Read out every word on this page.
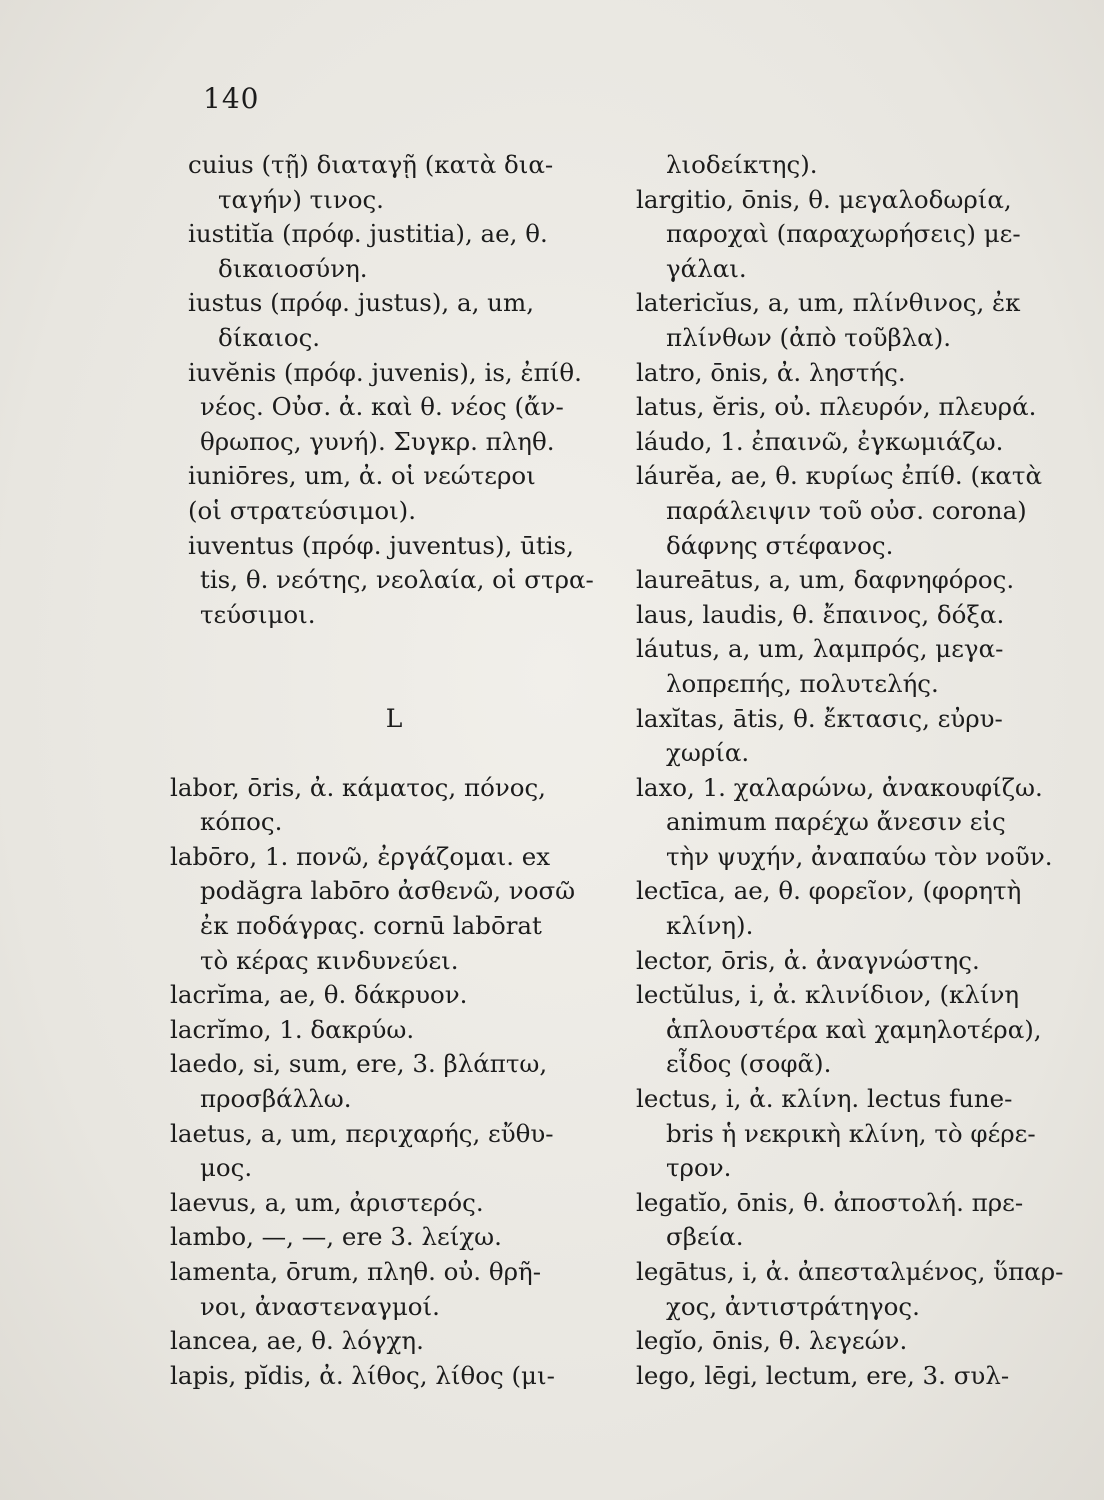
140
cuius (τῇ) διαταγῇ (κατὰ δια-
ταγήν) τινος.
iustitĭa (πρόφ. justitia), ae, θ.
δικαιοσύνη.
iustus (πρόφ. justus), a, um,
δίκαιος.
iuvĕnis (πρόφ. juvenis), is, ἐπίθ.
νέος. Οὐσ. ἀ. καὶ θ. νέος (ἄν-
θρωπος, γυνή). Συγκρ. πληθ.
iuniōres, um, ἀ. οἱ νεώτεροι
(οἱ στρατεύσιμοι).
iuventus (πρόφ. juventus), ūtis,
tis, θ. νεότης, νεολαία, οἱ στρα-
τεύσιμοι.
L
labor, ōris, ἀ. κάματος, πόνος,
κόπος.
labōro, 1. πονῶ, ἐργάζομαι. ex
podăgra labōro ἀσθενῶ, νοσῶ
ἐκ ποδάγρας. cornū labōrat
τὸ κέρας κινδυνεύει.
lacrĭma, ae, θ. δάκρυον.
lacrĭmo, 1. δακρύω.
laedo, si, sum, ere, 3. βλάπτω,
προσβάλλω.
laetus, a, um, περιχαρής, εὔθυ-
μος.
laevus, a, um, ἀριστερός.
lambo, —, —, ere 3. λείχω.
lamenta, ōrum, πληθ. οὐ. θρῆ-
νοι, ἀναστεναγμοί.
lancea, ae, θ. λόγχη.
lapis, pĭdis, ἀ. λίθος, λίθος (μι-
λιοδείκτης).
largitio, ōnis, θ. μεγαλοδωρία,
παροχαὶ (παραχωρήσεις) με-
γάλαι.
latericĭus, a, um, πλίνθινος, ἐκ
πλίνθων (ἀπὸ τοῦβλα).
latro, ōnis, ἀ. ληστής.
latus, ĕris, οὐ. πλευρόν, πλευρά.
láudo, 1. ἐπαινῶ, ἐγκωμιάζω.
láurĕa, ae, θ. κυρίως ἐπίθ. (κατὰ
παράλειψιν τοῦ οὐσ. corona)
δάφνης στέφανος.
laureātus, a, um, δαφνηφόρος.
laus, laudis, θ. ἔπαινος, δόξα.
láutus, a, um, λαμπρός, μεγα-
λοπρεπής, πολυτελής.
laxĭtas, ātis, θ. ἔκτασις, εὐρυ-
χωρία.
laxo, 1. χαλαρώνω, ἀνακουφίζω.
animum παρέχω ἄνεσιν εἰς
τὴν ψυχήν, ἀναπαύω τὸν νοῦν.
lectīca, ae, θ. φορεῖον, (φορητὴ
κλίνη).
lector, ōris, ἀ. ἀναγνώστης.
lectŭlus, i, ἀ. κλινίδιον, (κλίνη
ἁπλουστέρα καὶ χαμηλοτέρα),
εἶδος (σοφᾶ).
lectus, i, ἀ. κλίνη. lectus fune-
bris ἡ νεκρικὴ κλίνη, τὸ φέρε-
τρον.
legatĭo, ōnis, θ. ἀποστολή. πρε-
σβεία.
legātus, i, ἀ. ἀπεσταλμένος, ὕπαρ-
χος, ἀντιστράτηγος.
legĭo, ōnis, θ. λεγεών.
lego, lēgi, lectum, ere, 3. συλ-
